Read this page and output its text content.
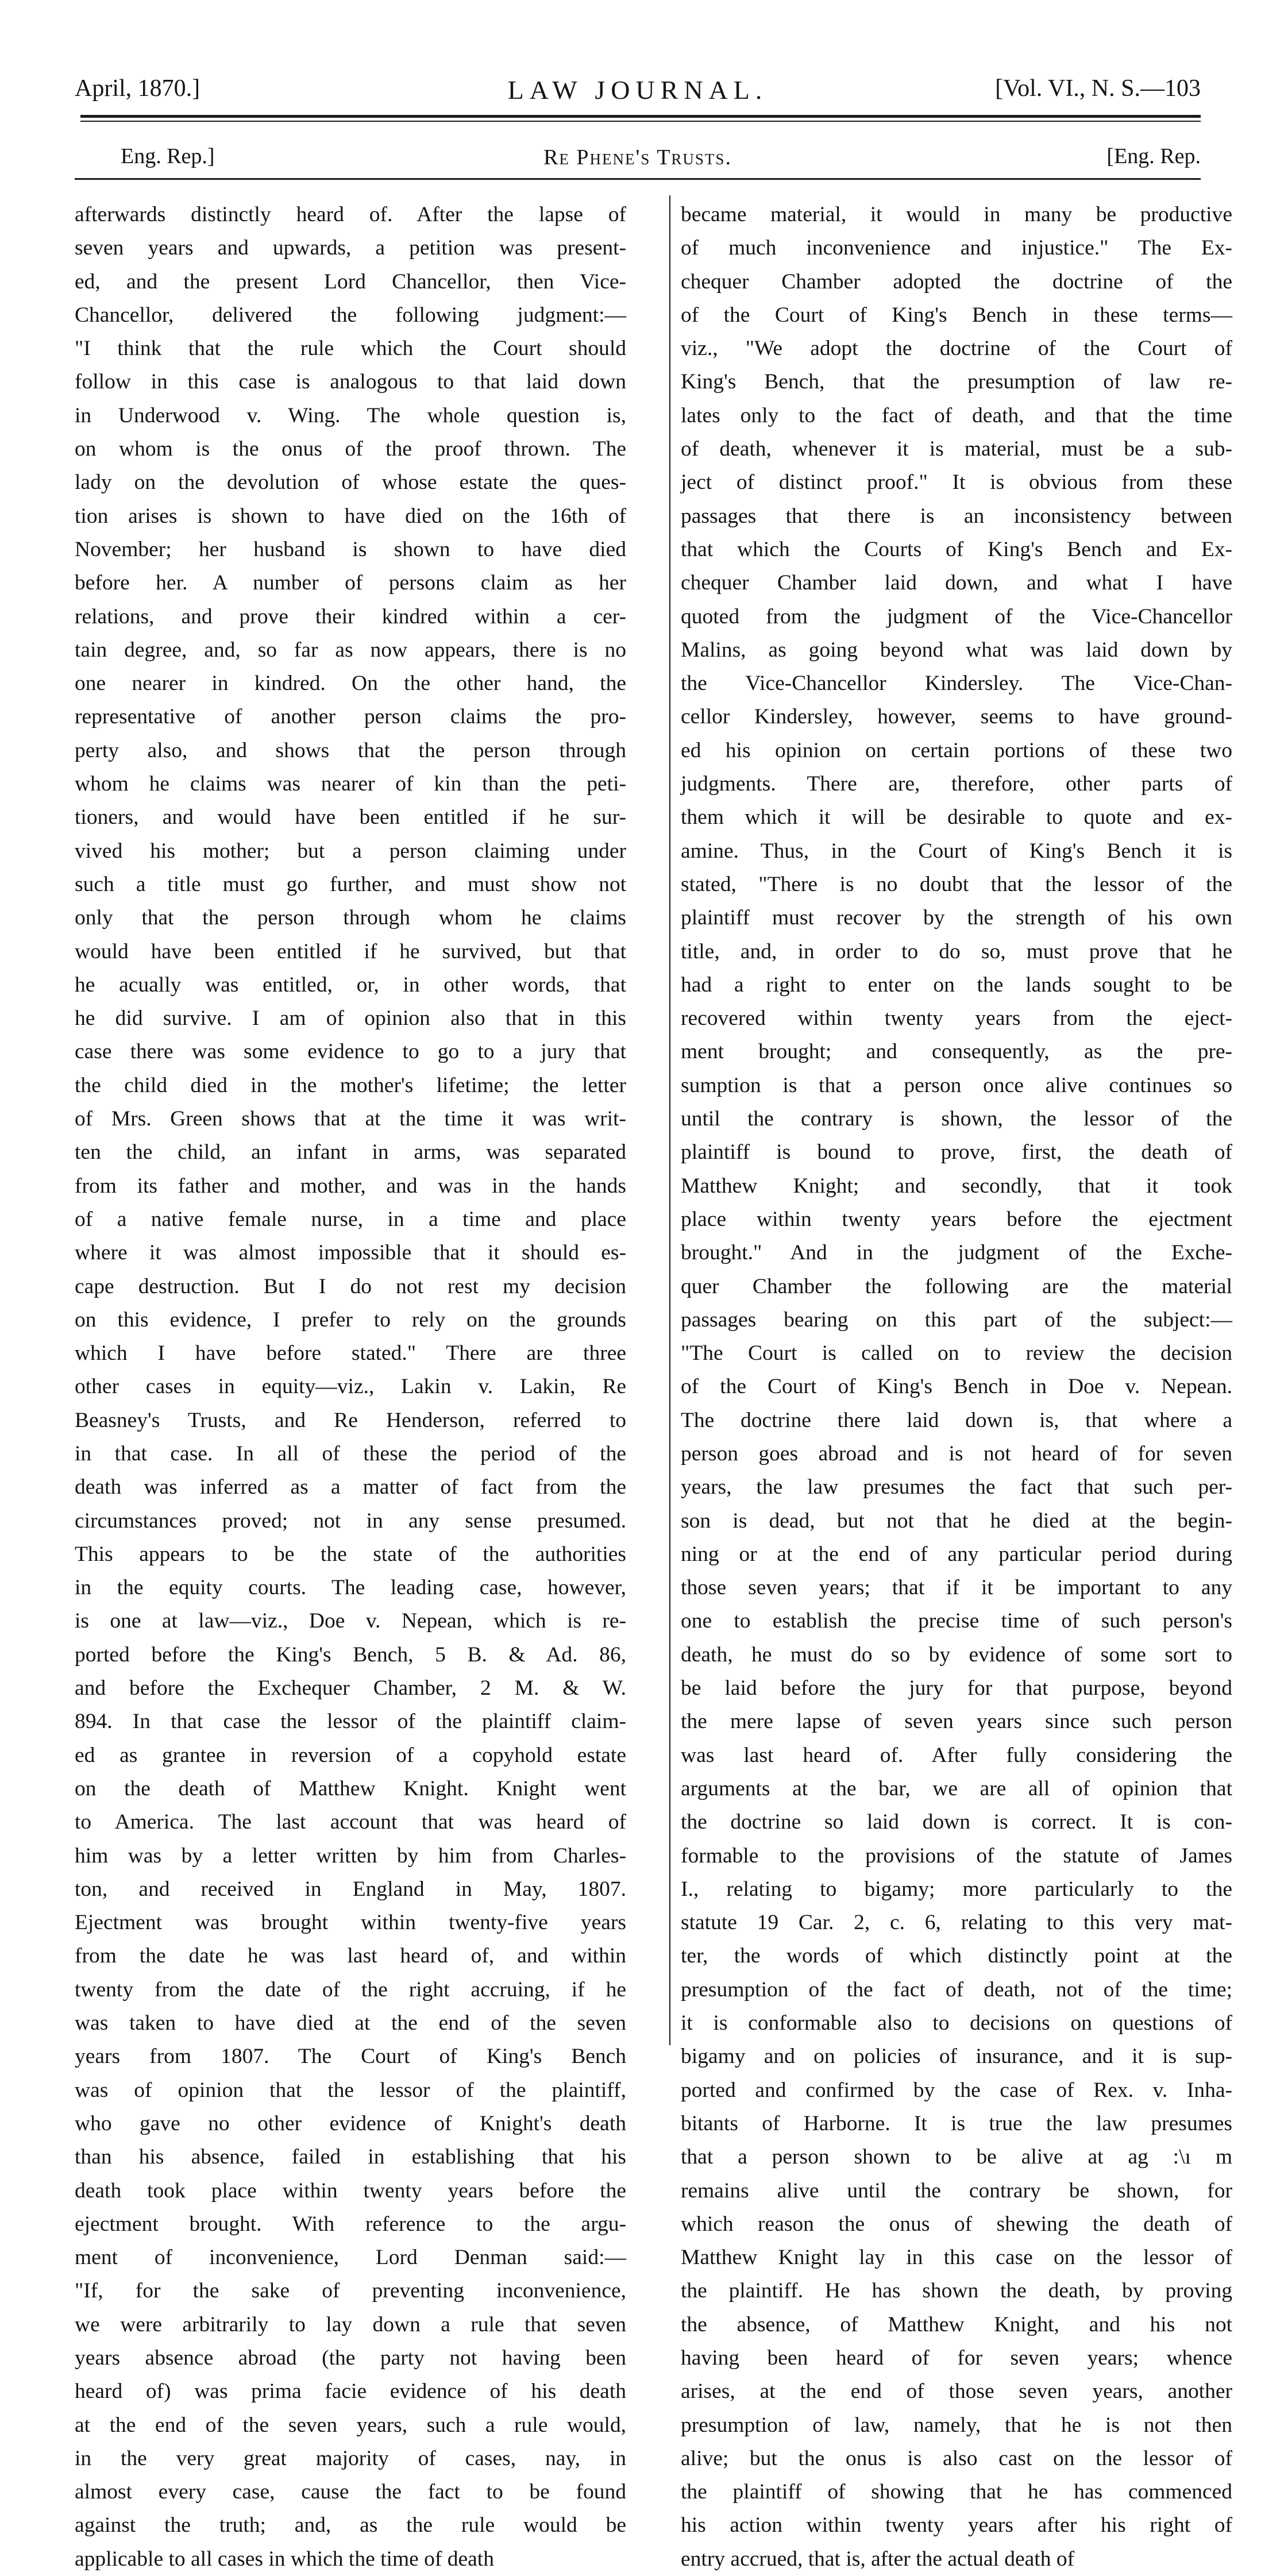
April, 1870.]	LAW JOURNAL.	[Vol. VI., N. S.—103
Eng. Rep.]	Re Phene's Trusts.	[Eng. Rep.
afterwards distinctly heard of. After the lapse of
seven years and upwards, a petition was present-
ed, and the present Lord Chancellor, then Vice-
Chancellor, delivered the following judgment:—
"I think that the rule which the Court should
follow in this case is analogous to that laid down
in Underwood v. Wing. The whole question is,
on whom is the onus of the proof thrown. The
lady on the devolution of whose estate the ques-
tion arises is shown to have died on the 16th of
November; her husband is shown to have died
before her. A number of persons claim as her
relations, and prove their kindred within a cer-
tain degree, and, so far as now appears, there is no
one nearer in kindred. On the other hand, the
representative of another person claims the pro-
perty also, and shows that the person through
whom he claims was nearer of kin than the peti-
tioners, and would have been entitled if he sur-
vived his mother; but a person claiming under
such a title must go further, and must show not
only that the person through whom he claims
would have been entitled if he survived, but that
he acually was entitled, or, in other words, that
he did survive. I am of opinion also that in this
case there was some evidence to go to a jury that
the child died in the mother's lifetime; the letter
of Mrs. Green shows that at the time it was writ-
ten the child, an infant in arms, was separated
from its father and mother, and was in the hands
of a native female nurse, in a time and place
where it was almost impossible that it should es-
cape destruction. But I do not rest my decision
on this evidence, I prefer to rely on the grounds
which I have before stated." There are three
other cases in equity—viz., Lakin v. Lakin, Re
Beasney's Trusts, and Re Henderson, referred to
in that case. In all of these the period of the
death was inferred as a matter of fact from the
circumstances proved; not in any sense presumed.
This appears to be the state of the authorities
in the equity courts. The leading case, however,
is one at law—viz., Doe v. Nepean, which is re-
ported before the King's Bench, 5 B. & Ad. 86,
and before the Exchequer Chamber, 2 M. & W.
894. In that case the lessor of the plaintiff claim-
ed as grantee in reversion of a copyhold estate
on the death of Matthew Knight. Knight went
to America. The last account that was heard of
him was by a letter written by him from Charles-
ton, and received in England in May, 1807.
Ejectment was brought within twenty-five years
from the date he was last heard of, and within
twenty from the date of the right accruing, if he
was taken to have died at the end of the seven
years from 1807. The Court of King's Bench
was of opinion that the lessor of the plaintiff,
who gave no other evidence of Knight's death
than his absence, failed in establishing that his
death took place within twenty years before the
ejectment brought. With reference to the argu-
ment of inconvenience, Lord Denman said:—
"If, for the sake of preventing inconvenience,
we were arbitrarily to lay down a rule that seven
years absence abroad (the party not having been
heard of) was prima facie evidence of his death
at the end of the seven years, such a rule would,
in the very great majority of cases, nay, in
almost every case, cause the fact to be found
against the truth; and, as the rule would be
applicable to all cases in which the time of death
became material, it would in many be productive
of much inconvenience and injustice." The Ex-
chequer Chamber adopted the doctrine of the
of the Court of King's Bench in these terms—
viz., "We adopt the doctrine of the Court of
King's Bench, that the presumption of law re-
lates only to the fact of death, and that the time
of death, whenever it is material, must be a sub-
ject of distinct proof." It is obvious from these
passages that there is an inconsistency between
that which the Courts of King's Bench and Ex-
chequer Chamber laid down, and what I have
quoted from the judgment of the Vice-Chancellor
Malins, as going beyond what was laid down by
the Vice-Chancellor Kindersley. The Vice-Chan-
cellor Kindersley, however, seems to have ground-
ed his opinion on certain portions of these two
judgments. There are, therefore, other parts of
them which it will be desirable to quote and ex-
amine. Thus, in the Court of King's Bench it is
stated, "There is no doubt that the lessor of the
plaintiff must recover by the strength of his own
title, and, in order to do so, must prove that he
had a right to enter on the lands sought to be
recovered within twenty years from the eject-
ment brought; and consequently, as the pre-
sumption is that a person once alive continues so
until the contrary is shown, the lessor of the
plaintiff is bound to prove, first, the death of
Matthew Knight; and secondly, that it took
place within twenty years before the ejectment
brought." And in the judgment of the Exche-
quer Chamber the following are the material
passages bearing on this part of the subject:—
"The Court is called on to review the decision
of the Court of King's Bench in Doe v. Nepean.
The doctrine there laid down is, that where a
person goes abroad and is not heard of for seven
years, the law presumes the fact that such per-
son is dead, but not that he died at the begin-
ning or at the end of any particular period during
those seven years; that if it be important to any
one to establish the precise time of such person's
death, he must do so by evidence of some sort to
be laid before the jury for that purpose, beyond
the mere lapse of seven years since such person
was last heard of. After fully considering the
arguments at the bar, we are all of opinion that
the doctrine so laid down is correct. It is con-
formable to the provisions of the statute of James
I., relating to bigamy; more particularly to the
statute 19 Car. 2, c. 6, relating to this very mat-
ter, the words of which distinctly point at the
presumption of the fact of death, not of the time;
it is conformable also to decisions on questions of
bigamy and on policies of insurance, and it is sup-
ported and confirmed by the case of Rex. v. Inha-
bitants of Harborne. It is true the law presumes
that a person shown to be alive at ag :\ı m
remains alive until the contrary be shown, for
which reason the onus of shewing the death of
Matthew Knight lay in this case on the lessor of
the plaintiff. He has shown the death, by proving
the absence, of Matthew Knight, and his not
having been heard of for seven years; whence
arises, at the end of those seven years, another
presumption of law, namely, that he is not then
alive; but the onus is also cast on the lessor of
the plaintiff of showing that he has commenced
his action within twenty years after his right of
entry accrued, that is, after the actual death of
